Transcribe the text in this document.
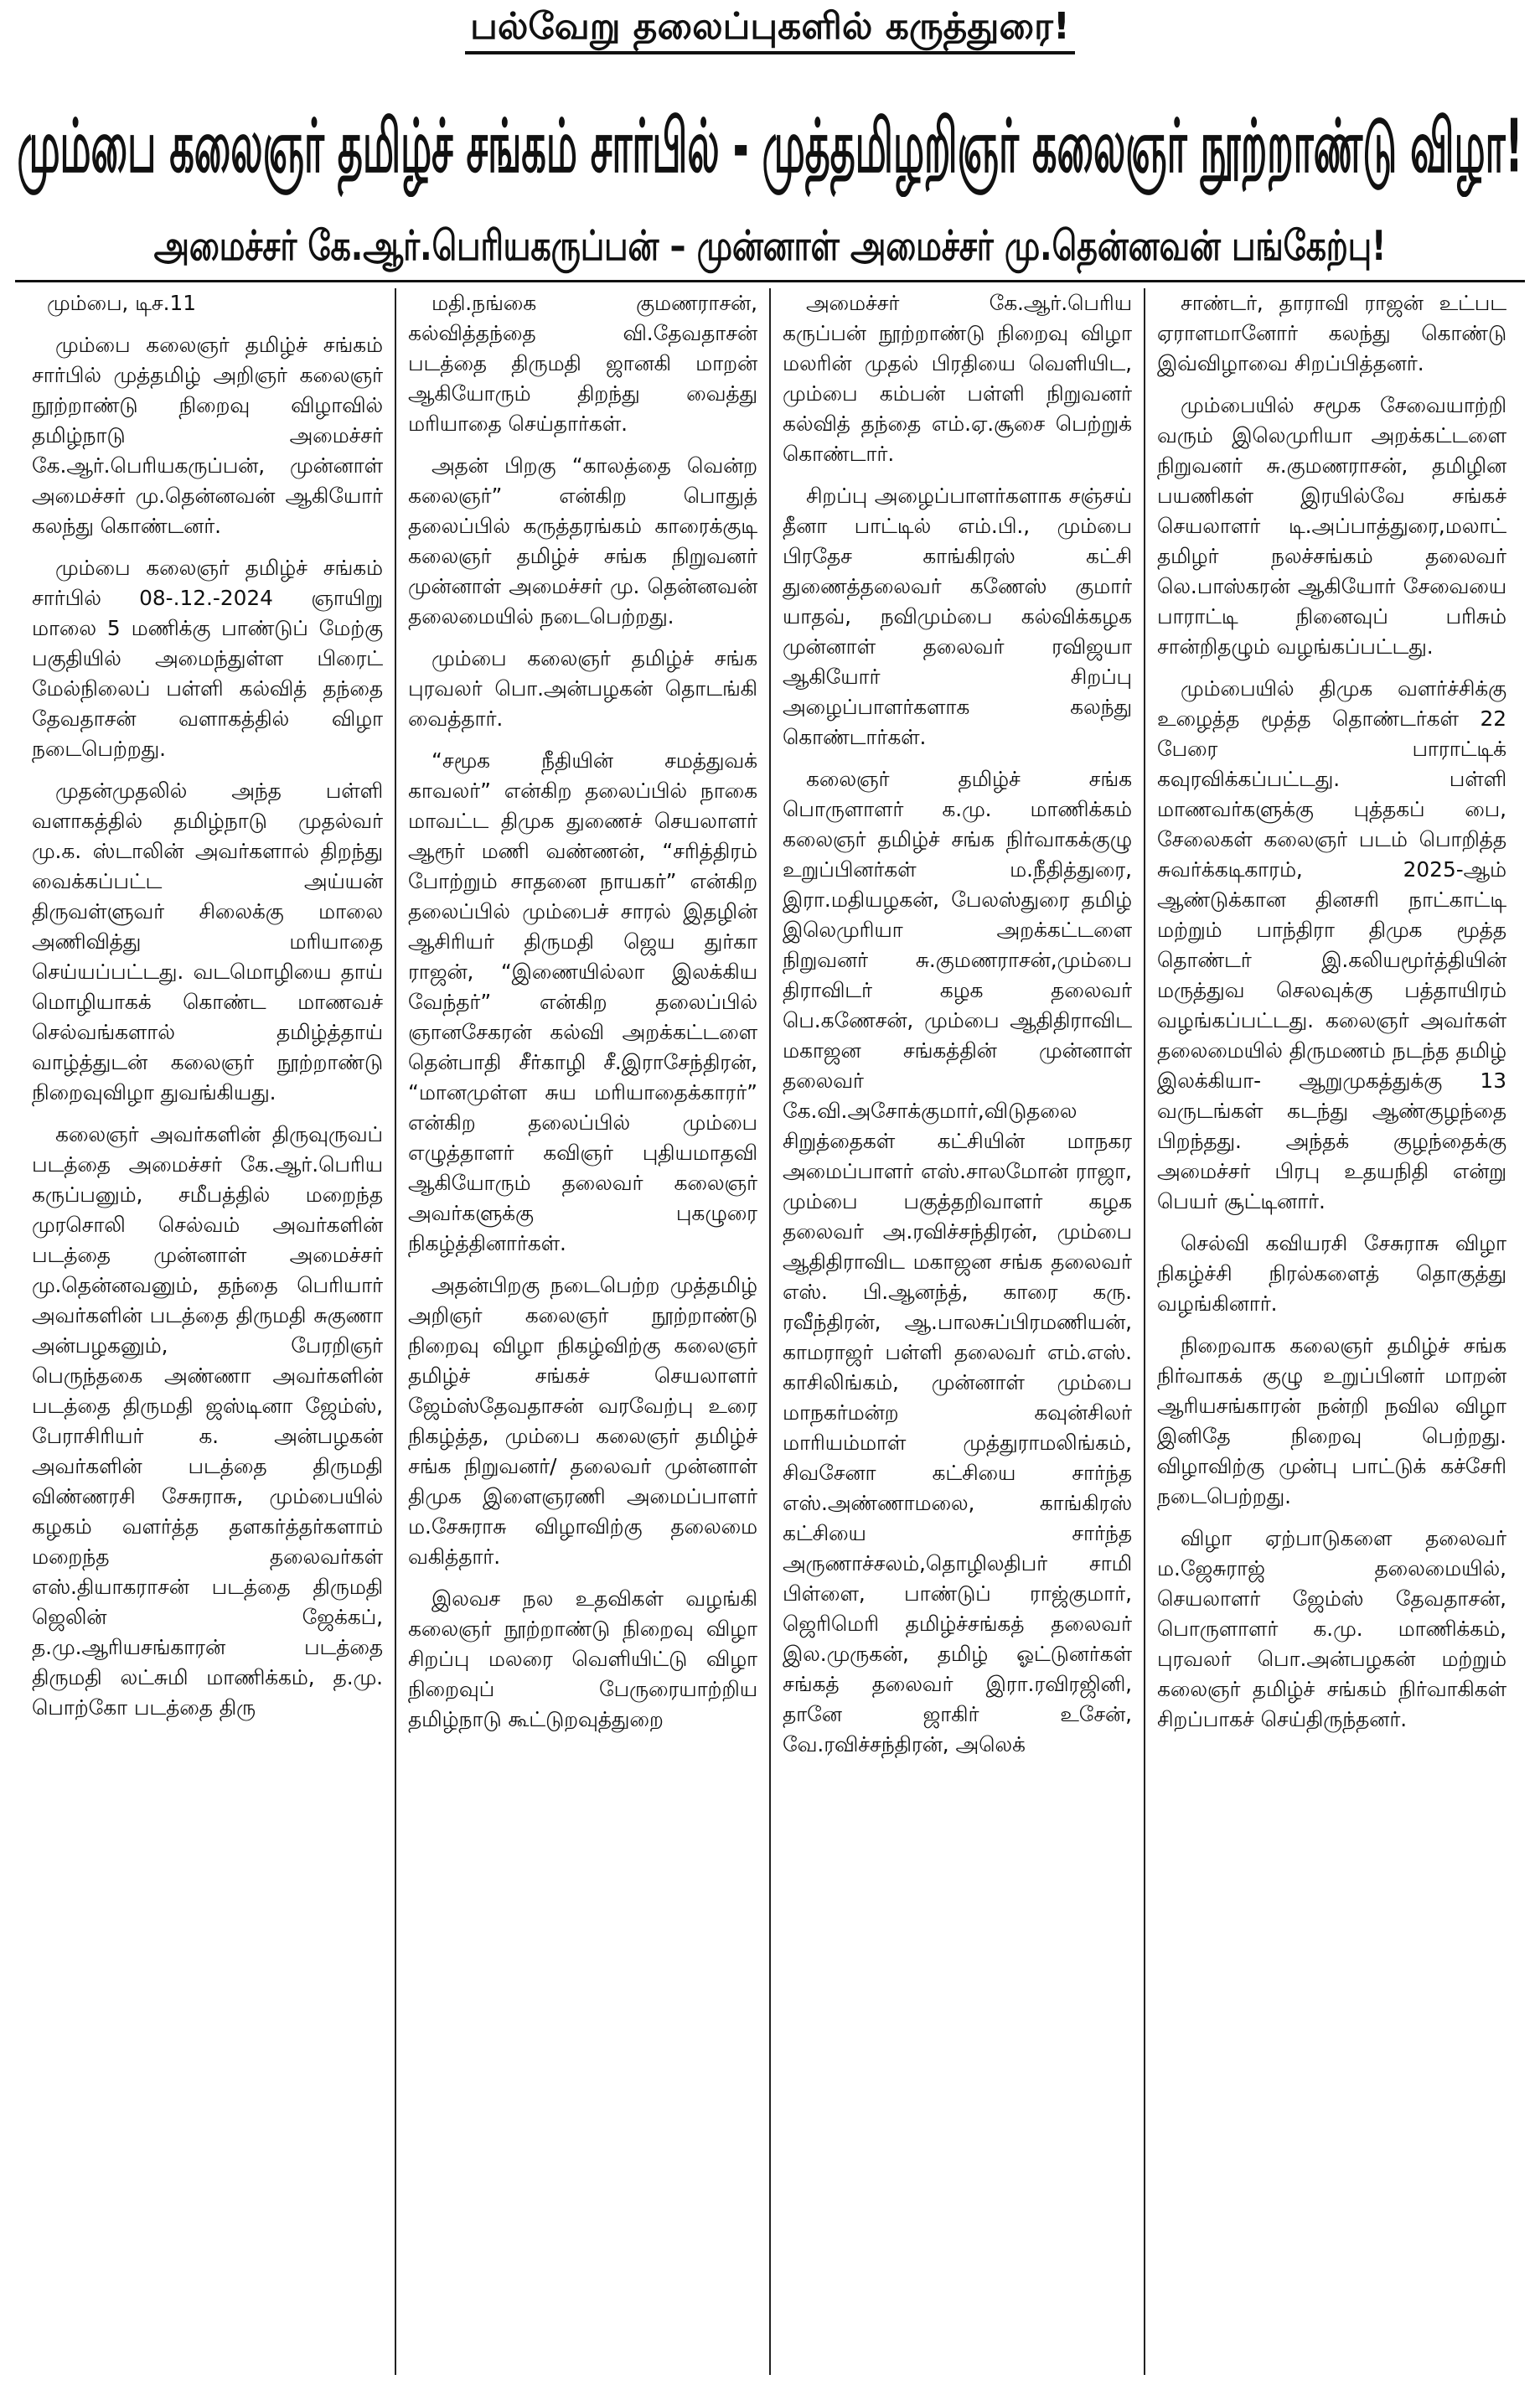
பல்வேறு தலைப்புகளில் கருத்துரை!
மும்பை கலைஞர் தமிழ்ச் சங்கம் சார்பில் - முத்தமிழறிஞர் கலைஞர் நூற்றாண்டு விழா!
அமைச்சர் கே.ஆர்.பெரியகருப்பன் – முன்னாள் அமைச்சர் மு.தென்னவன் பங்கேற்பு!

மும்பை, டிச.11

மும்பை கலைஞர் தமிழ்ச் சங்கம் சார்பில் முத்தமிழ் அறிஞர் கலைஞர் நூற்றாண்டு நிறைவு விழாவில் தமிழ்நாடு அமைச்சர் கே.ஆர்.பெரியகருப்பன், முன்னாள் அமைச்சர் மு.தென்னவன் ஆகியோர் கலந்து கொண்டனர்.

மும்பை கலைஞர் தமிழ்ச் சங்கம் சார்பில் 08-.12.-2024 ஞாயிறு மாலை 5 மணிக்கு பாண்டுப் மேற்கு பகுதியில் அமைந்துள்ள பிரைட் மேல்நிலைப் பள்ளி கல்வித் தந்தை தேவதாசன் வளாகத்தில் விழா நடைபெற்றது.

முதன்முதலில் அந்த பள்ளி வளாகத்தில் தமிழ்நாடு முதல்வர் மு.க. ஸ்டாலின் அவர்களால் திறந்து வைக்கப்பட்ட அய்யன் திருவள்ளுவர் சிலைக்கு மாலை அணிவித்து மரியாதை செய்யப்பட்டது. வடமொழியை தாய் மொழியாகக் கொண்ட மாணவச் செல்வங்களால் தமிழ்த்தாய் வாழ்த்துடன் கலைஞர் நூற்றாண்டு நிறைவுவிழா துவங்கியது.

கலைஞர் அவர்களின் திருவுருவப் படத்தை அமைச்சர் கே.ஆர்.பெரிய கருப்பனும், சமீபத்தில் மறைந்த முரசொலி செல்வம் அவர்களின் படத்தை முன்னாள் அமைச்சர் மு.தென்னவனும், தந்தை பெரியார் அவர்களின் படத்தை திருமதி சுகுணா அன்பழகனும், பேரறிஞர் பெருந்தகை அண்ணா அவர்களின் படத்தை திருமதி ஜஸ்டினா ஜேம்ஸ், பேராசிரியர் க. அன்பழகன் அவர்களின் படத்தை திருமதி விண்ணரசி சேசுராசு, மும்பையில் கழகம் வளர்த்த தளகர்த்தர்களாம் மறைந்த தலைவர்கள் எஸ்.தியாகராசன் படத்தை திருமதி ஜெலின் ஜேக்கப், த.மு.ஆரியசங்காரன் படத்தை திருமதி லட்சுமி மாணிக்கம், த.மு. பொற்கோ படத்தை திரு

மதி.நங்கை குமணராசன், கல்வித்தந்தை வி.தேவதாசன் படத்தை திருமதி ஜானகி மாறன் ஆகியோரும் திறந்து வைத்து மரியாதை செய்தார்கள்.

அதன் பிறகு “காலத்தை வென்ற கலைஞர்” என்கிற பொதுத் தலைப்பில் கருத்தரங்கம் காரைக்குடி கலைஞர் தமிழ்ச் சங்க நிறுவனர் முன்னாள் அமைச்சர் மு. தென்னவன் தலைமையில் நடைபெற்றது.

மும்பை கலைஞர் தமிழ்ச் சங்க புரவலர் பொ.அன்பழகன் தொடங்கி வைத்தார்.

“சமூக நீதியின் சமத்துவக் காவலர்” என்கிற தலைப்பில் நாகை மாவட்ட திமுக துணைச் செயலாளர் ஆரூர் மணி வண்ணன், “சரித்திரம் போற்றும் சாதனை நாயகர்” என்கிற தலைப்பில் மும்பைச் சாரல் இதழின் ஆசிரியர் திருமதி ஜெய துர்கா ராஜன், “இணையில்லா இலக்கிய வேந்தர்” என்கிற தலைப்பில் ஞானசேகரன் கல்வி அறக்கட்டளை தென்பாதி சீர்காழி சீ.இராசேந்திரன், “மானமுள்ள சுய மரியாதைக்காரர்” என்கிற தலைப்பில் மும்பை எழுத்தாளர் கவிஞர் புதியமாதவி ஆகியோரும் தலைவர் கலைஞர் அவர்களுக்கு புகழுரை நிகழ்த்தினார்கள்.

அதன்பிறகு நடைபெற்ற முத்தமிழ் அறிஞர் கலைஞர் நூற்றாண்டு நிறைவு விழா நிகழ்விற்கு கலைஞர் தமிழ்ச் சங்கச் செயலாளர் ஜேம்ஸ்தேவதாசன் வரவேற்பு உரை நிகழ்த்த, மும்பை கலைஞர் தமிழ்ச் சங்க நிறுவனர்/ தலைவர் முன்னாள் திமுக இளைஞரணி அமைப்பாளர் ம.சேசுராசு விழாவிற்கு தலைமை வகித்தார்.

இலவச நல உதவிகள் வழங்கி கலைஞர் நூற்றாண்டு நிறைவு விழா சிறப்பு மலரை வெளியிட்டு விழா நிறைவுப் பேருரையாற்றிய தமிழ்நாடு கூட்டுறவுத்துறை

அமைச்சர் கே.ஆர்.பெரிய கருப்பன் நூற்றாண்டு நிறைவு விழா மலரின் முதல் பிரதியை வெளியிட, மும்பை கம்பன் பள்ளி நிறுவனர் கல்வித் தந்தை எம்.ஏ.சூசை பெற்றுக் கொண்டார்.

சிறப்பு அழைப்பாளர்களாக சஞ்சய் தீனா பாட்டில் எம்.பி., மும்பை பிரதேச காங்கிரஸ் கட்சி துணைத்தலைவர் கணேஸ் குமார் யாதவ், நவிமும்பை கல்விக்கழக முன்னாள் தலைவர் ரவிஜயா ஆகியோர் சிறப்பு அழைப்பாளர்களாக கலந்து கொண்டார்கள்.

கலைஞர் தமிழ்ச் சங்க பொருளாளர் க.மு. மாணிக்கம் கலைஞர் தமிழ்ச் சங்க நிர்வாகக்குழு உறுப்பினர்கள் ம.நீதித்துரை, இரா.மதியழகன், பேலஸ்துரை தமிழ் இலெமுரியா அறக்கட்டளை நிறுவனர் சு.குமணராசன்,மும்பை திராவிடர் கழக தலைவர் பெ.கணேசன், மும்பை ஆதிதிராவிட மகாஜன சங்கத்தின் முன்னாள் தலைவர் கே.வி.அசோக்குமார்,விடுதலை சிறுத்தைகள் கட்சியின் மாநகர அமைப்பாளர் எஸ்.சாலமோன் ராஜா, மும்பை பகுத்தறிவாளர் கழக தலைவர் அ.ரவிச்சந்திரன், மும்பை ஆதிதிராவிட மகாஜன சங்க தலைவர் எஸ். பி.ஆனந்த், காரை கரு. ரவீந்திரன், ஆ.பாலசுப்பிரமணியன், காமராஜர் பள்ளி தலைவர் எம்.எஸ். காசிலிங்கம், முன்னாள் மும்பை மாநகர்மன்ற கவுன்சிலர் மாரியம்மாள் முத்துராமலிங்கம், சிவசேனா கட்சியை சார்ந்த எஸ்.அண்ணாமலை, காங்கிரஸ் கட்சியை சார்ந்த அருணாச்சலம்,தொழிலதிபர் சாமி பிள்ளை, பாண்டுப் ராஜ்குமார், ஜெரிமெரி தமிழ்ச்சங்கத் தலைவர் இல.முருகன், தமிழ் ஓட்டுனர்கள் சங்கத் தலைவர் இரா.ரவிரஜினி, தானே ஜாகிர் உசேன், வே.ரவிச்சந்திரன், அலெக்

சாண்டர், தாராவி ராஜன் உட்பட ஏராளமானோர் கலந்து கொண்டு இவ்விழாவை சிறப்பித்தனர்.

மும்பையில் சமூக சேவையாற்றி வரும் இலெமுரியா அறக்கட்டளை நிறுவனர் சு.குமணராசன், தமிழின பயணிகள் இரயில்வே சங்கச் செயலாளர் டி.அப்பாத்துரை,மலாட் தமிழர் நலச்சங்கம் தலைவர் லெ.பாஸ்கரன் ஆகியோர் சேவையை பாராட்டி நினைவுப் பரிசும் சான்றிதழும் வழங்கப்பட்டது.

மும்பையில் திமுக வளர்ச்சிக்கு உழைத்த மூத்த தொண்டர்கள் 22 பேரை பாராட்டிக் கவுரவிக்கப்பட்டது. பள்ளி மாணவர்களுக்கு புத்தகப் பை, சேலைகள் கலைஞர் படம் பொறித்த சுவர்க்கடிகாரம், 2025-ஆம் ஆண்டுக்கான தினசரி நாட்காட்டி மற்றும் பாந்திரா திமுக மூத்த தொண்டர் இ.கலியமூர்த்தியின் மருத்துவ செலவுக்கு பத்தாயிரம் வழங்கப்பட்டது. கலைஞர் அவர்கள் தலைமையில் திருமணம் நடந்த தமிழ் இலக்கியா- ஆறுமுகத்துக்கு 13 வருடங்கள் கடந்து ஆண்குழந்தை பிறந்தது. அந்தக் குழந்தைக்கு அமைச்சர் பிரபு உதயநிதி என்று பெயர் சூட்டினார்.

செல்வி கவியரசி சேசுராசு விழா நிகழ்ச்சி நிரல்களைத் தொகுத்து வழங்கினார்.

நிறைவாக கலைஞர் தமிழ்ச் சங்க நிர்வாகக் குழு உறுப்பினர் மாறன் ஆரியசங்காரன் நன்றி நவில விழா இனிதே நிறைவு பெற்றது. விழாவிற்கு முன்பு பாட்டுக் கச்சேரி நடைபெற்றது.

விழா ஏற்பாடுகளை தலைவர் ம.ஜேசுராஜ் தலைமையில், செயலாளர் ஜேம்ஸ் தேவதாசன், பொருளாளர் க.மு. மாணிக்கம், புரவலர் பொ.அன்பழகன் மற்றும் கலைஞர் தமிழ்ச் சங்கம் நிர்வாகிகள் சிறப்பாகச் செய்திருந்தனர்.
